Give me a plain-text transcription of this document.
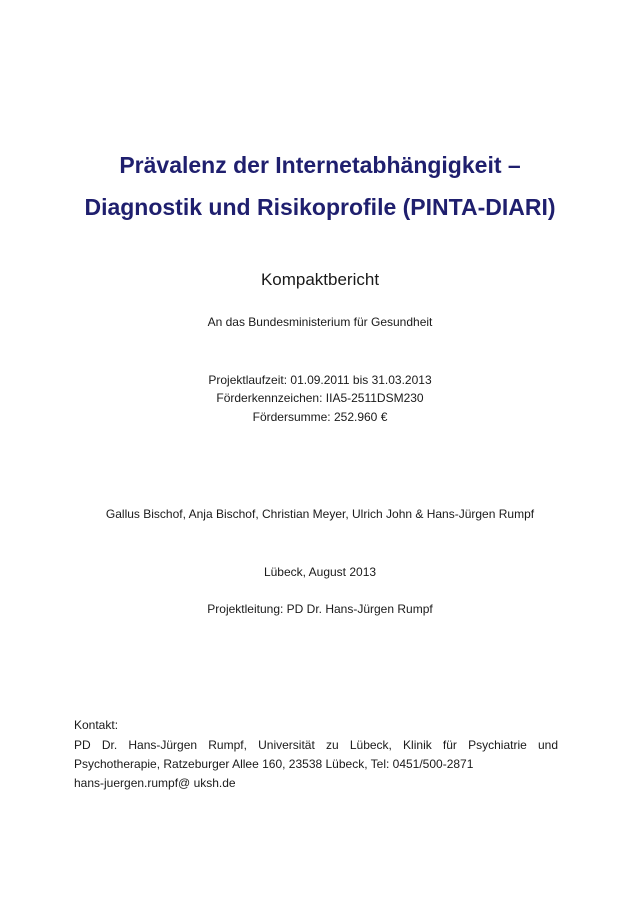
Prävalenz der Internetabhängigkeit –
Diagnostik und Risikoprofile (PINTA-DIARI)
Kompaktbericht
An das Bundesministerium für Gesundheit
Projektlaufzeit: 01.09.2011 bis 31.03.2013
Förderkennzeichen: IIA5-2511DSM230
Fördersumme: 252.960 €
Gallus Bischof, Anja Bischof, Christian Meyer, Ulrich John & Hans-Jürgen Rumpf
Lübeck, August 2013
Projektleitung: PD Dr. Hans-Jürgen Rumpf
Kontakt:
PD Dr. Hans-Jürgen Rumpf, Universität zu Lübeck, Klinik für Psychiatrie und
Psychotherapie, Ratzeburger Allee 160, 23538 Lübeck, Tel: 0451/500-2871
hans-juergen.rumpf@ uksh.de
